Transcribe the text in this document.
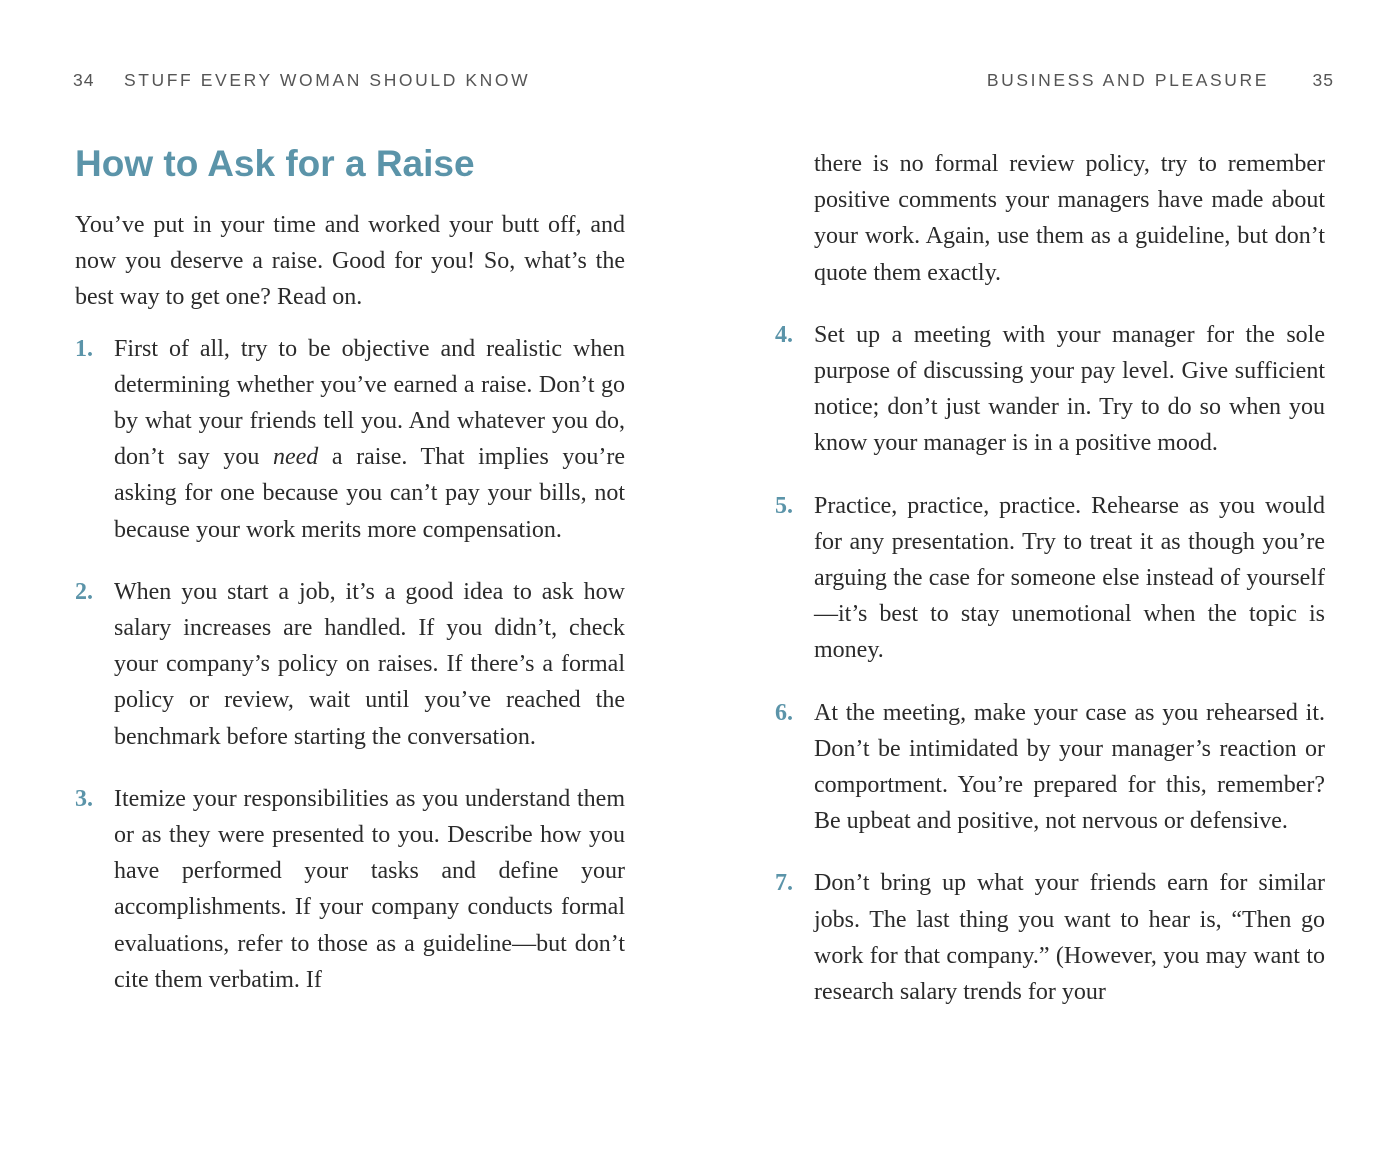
34 STUFF EVERY WOMAN SHOULD KNOW	BUSINESS AND PLEASURE 35
How to Ask for a Raise

You’ve put in your time and worked your butt off, and now you deserve a raise. Good for you! So, what’s the best way to get one? Read on.

1. First of all, try to be objective and realistic when determining whether you’ve earned a raise. Don’t go by what your friends tell you. And whatever you do, don’t say you need a raise. That implies you’re asking for one because you can’t pay your bills, not because your work merits more compensation.

2. When you start a job, it’s a good idea to ask how salary increases are handled. If you didn’t, check your company’s policy on raises. If there’s a formal policy or review, wait until you’ve reached the benchmark before starting the conversation.

3. Itemize your responsibilities as you understand them or as they were presented to you. Describe how you have performed your tasks and define your accomplishments. If your company conducts formal evaluations, refer to those as a guideline—but don’t cite them verbatim. If

there is no formal review policy, try to remember positive comments your managers have made about your work. Again, use them as a guideline, but don’t quote them exactly.

4. Set up a meeting with your manager for the sole purpose of discussing your pay level. Give sufficient notice; don’t just wander in. Try to do so when you know your manager is in a positive mood.

5. Practice, practice, practice. Rehearse as you would for any presentation. Try to treat it as though you’re arguing the case for someone else instead of yourself—it’s best to stay unemotional when the topic is money.

6. At the meeting, make your case as you rehearsed it. Don’t be intimidated by your manager’s reaction or comportment. You’re prepared for this, remember? Be upbeat and positive, not nervous or defensive.

7. Don’t bring up what your friends earn for similar jobs. The last thing you want to hear is, “Then go work for that company.” (However, you may want to research salary trends for your
